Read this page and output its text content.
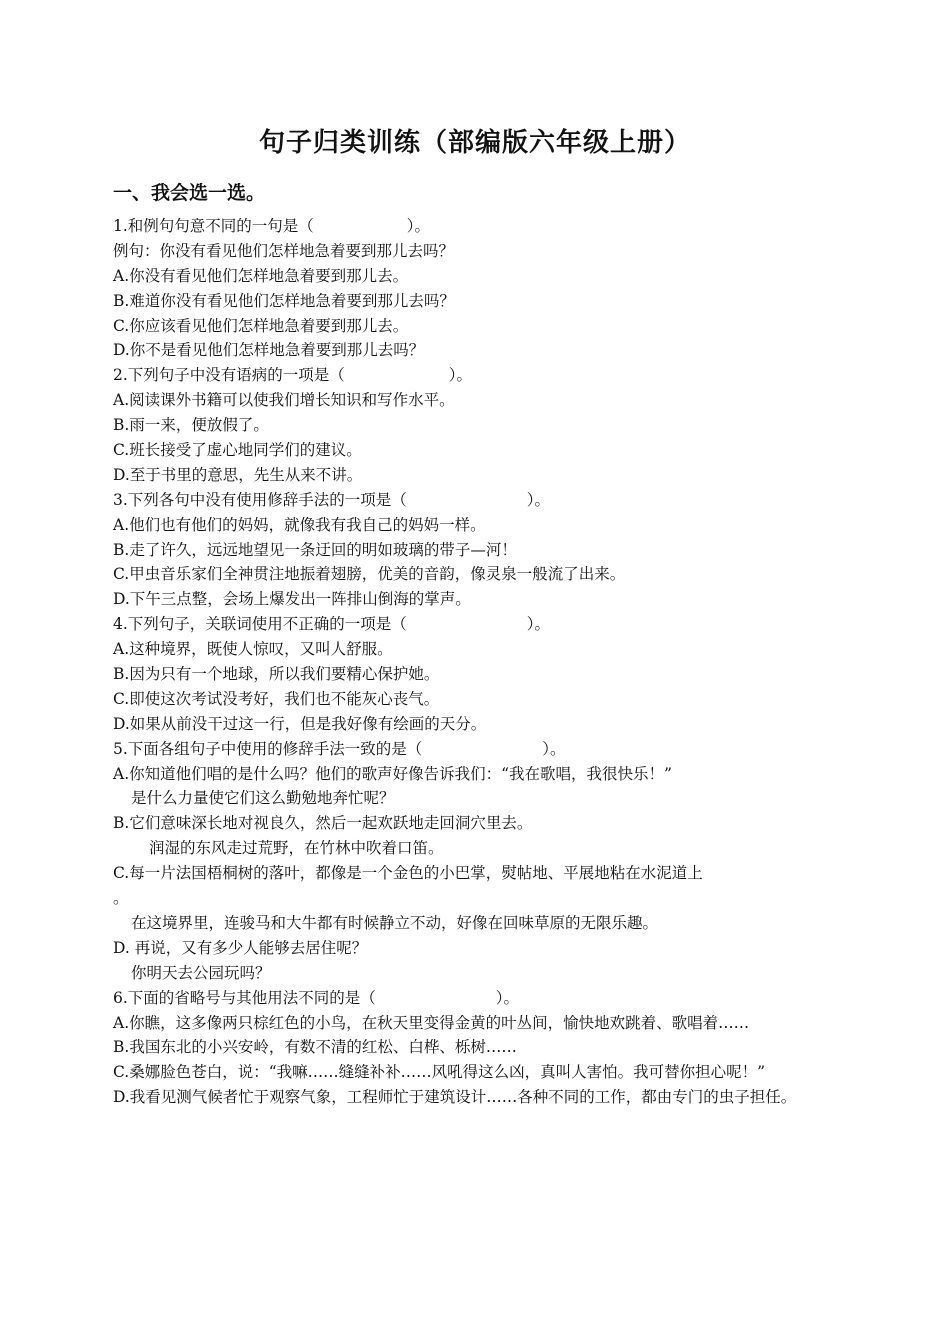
句子归类训练（部编版六年级上册）
一、我会选一选。
1.和例句句意不同的一句是（	）。
例句：你没有看见他们怎样地急着要到那儿去吗？
A.你没有看见他们怎样地急着要到那儿去。
B.难道你没有看见他们怎样地急着要到那儿去吗？
C.你应该看见他们怎样地急着要到那儿去。
D.你不是看见他们怎样地急着要到那儿去吗？
2.下列句子中没有语病的一项是（	）。
A.阅读课外书籍可以使我们增长知识和写作水平。
B.雨一来，便放假了。
C.班长接受了虚心地同学们的建议。
D.至于书里的意思，先生从来不讲。
3.下列各句中没有使用修辞手法的一项是（	）。
A.他们也有他们的妈妈，就像我有我自己的妈妈一样。
B.走了许久，远远地望见一条迂回的明如玻璃的带子—河！
C.甲虫音乐家们全神贯注地振着翅膀，优美的音韵，像灵泉一般流了出来。
D.下午三点整，会场上爆发出一阵排山倒海的掌声。
4.下列句子，关联词使用不正确的一项是（	）。
A.这种境界，既使人惊叹，又叫人舒服。
B.因为只有一个地球，所以我们要精心保护她。
C.即使这次考试没考好，我们也不能灰心丧气。
D.如果从前没干过这一行，但是我好像有绘画的天分。
5.下面各组句子中使用的修辞手法一致的是（	）。
A.你知道他们唱的是什么吗？他们的歌声好像告诉我们：“我在歌唱，我很快乐！”
是什么力量使它们这么勤勉地奔忙呢？
B.它们意味深长地对视良久，然后一起欢跃地走回洞穴里去。
润湿的东风走过荒野，在竹林中吹着口笛。
C.每一片法国梧桐树的落叶，都像是一个金色的小巴掌，熨帖地、平展地粘在水泥道上
。
在这境界里，连骏马和大牛都有时候静立不动，好像在回味草原的无限乐趣。
D. 再说，又有多少人能够去居住呢？
你明天去公园玩吗？
6.下面的省略号与其他用法不同的是（	）。
A.你瞧，这多像两只棕红色的小鸟，在秋天里变得金黄的叶丛间，愉快地欢跳着、歌唱着……
B.我国东北的小兴安岭，有数不清的红松、白桦、栎树……
C.桑娜脸色苍白，说：“我嘛……缝缝补补……风吼得这么凶，真叫人害怕。我可替你担心呢！”
D.我看见测气候者忙于观察气象，工程师忙于建筑设计……各种不同的工作，都由专门的虫子担任。
